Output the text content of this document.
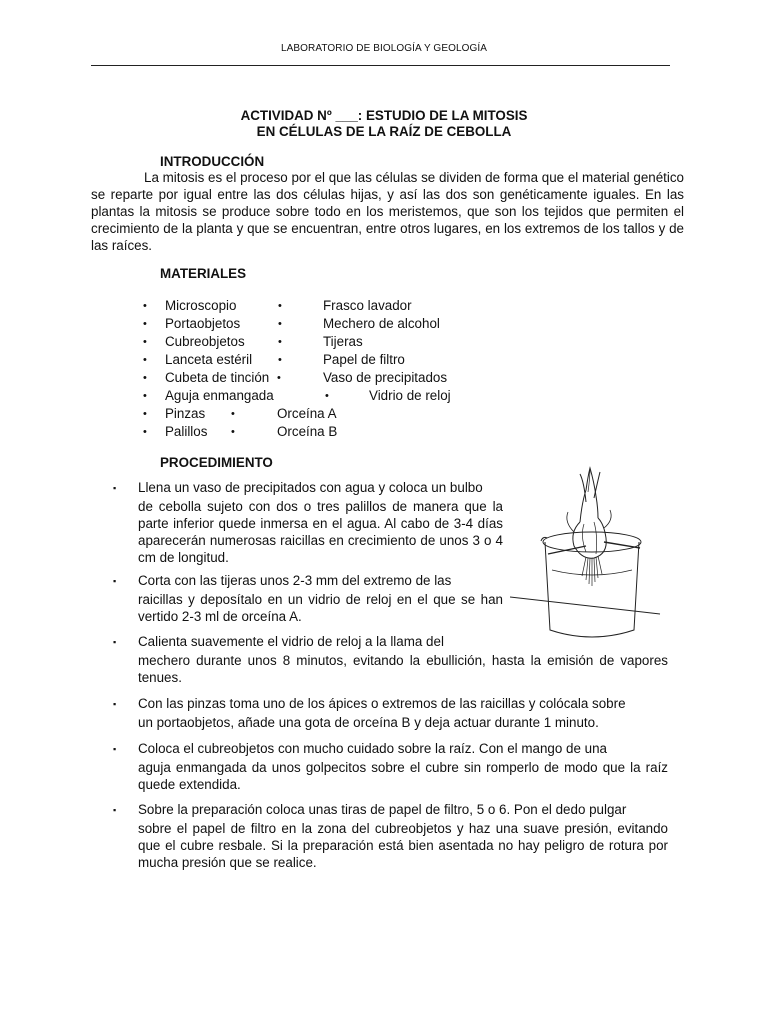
LABORATORIO DE BIOLOGÍA Y GEOLOGÍA
ACTIVIDAD Nº ___: ESTUDIO DE LA MITOSIS
EN CÉLULAS DE LA RAÍZ DE CEBOLLA
INTRODUCCIÓN

La mitosis es el proceso por el que las células se dividen de forma que el material genético se reparte por igual entre las dos células hijas, y así las dos son genéticamente iguales. En las plantas la mitosis se produce sobre todo en los meristemos, que son los tejidos que permiten el crecimiento de la planta y que se encuentran, entre otros lugares, en los extremos de los tallos y de las raíces.

MATERIALES
• Microscopio	•	Frasco lavador
• Portaobjetos	•	Mechero de alcohol
• Cubreobjetos	•	Tijeras
• Lanceta estéril •	Papel de filtro
• Cubeta de tinción •	Vaso de precipitados
• Aguja enmangada	•	Vidrio de reloj
• Pinzas •	Orceína A
• Palillos •	Orceína B
PROCEDIMIENTO
▪ Llena un vaso de precipitados con agua y coloca un bulbo
de cebolla sujeto con dos o tres palillos de manera que la parte inferior quede inmersa en el agua. Al cabo de 3-4 días aparecerán numerosas raicillas en crecimiento de unos 3 o 4 cm de longitud.
▪ Corta con las tijeras unos 2-3 mm del extremo de las
raicillas y deposítalo en un vidrio de reloj en el que se han vertido 2-3 ml de orceína A.
▪ Calienta suavemente el vidrio de reloj a la llama del
mechero durante unos 8 minutos, evitando la ebullición, hasta la emisión de vapores tenues.
▪ Con las pinzas toma uno de los ápices o extremos de las raicillas y colócala sobre
un portaobjetos, añade una gota de orceína B y deja actuar durante 1 minuto.
▪ Coloca el cubreobjetos con mucho cuidado sobre la raíz. Con el mango de una
aguja enmangada da unos golpecitos sobre el cubre sin romperlo de modo que la raíz quede extendida.
▪ Sobre la preparación coloca unas tiras de papel de filtro, 5 o 6. Pon el dedo pulgar
sobre el papel de filtro en la zona del cubreobjetos y haz una suave presión, evitando que el cubre resbale. Si la preparación está bien asentada no hay peligro de rotura por mucha presión que se realice.
